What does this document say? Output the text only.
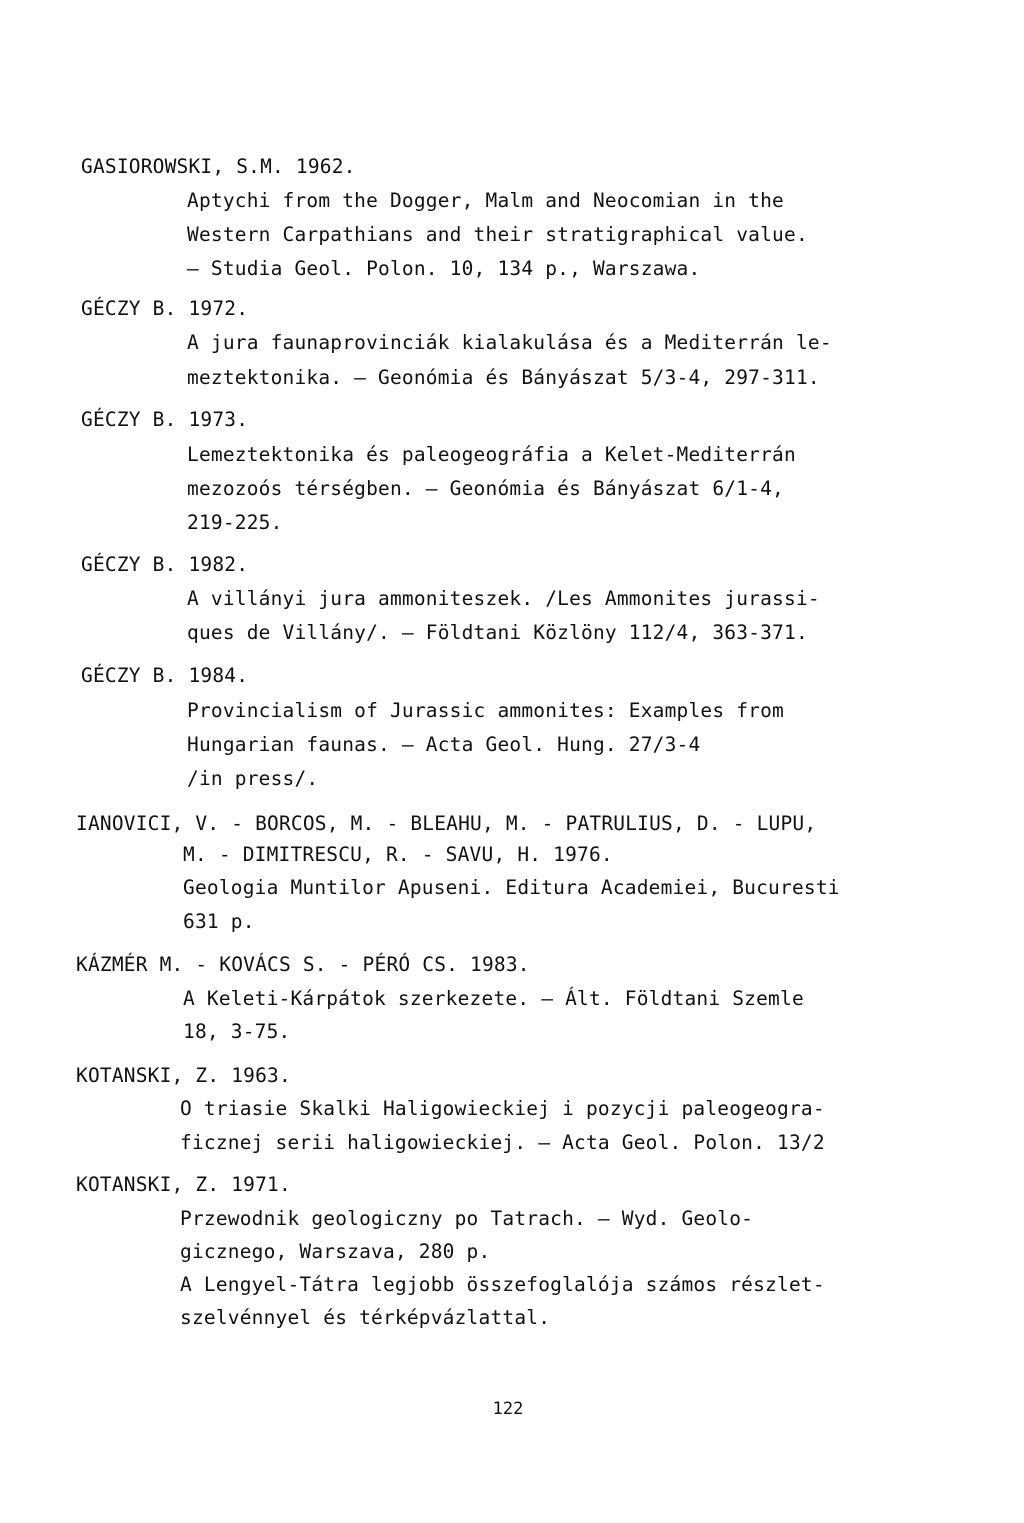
GASIOROWSKI, S.M. 1962.
Aptychi from the Dogger, Malm and Neocomian in the
Western Carpathians and their stratigraphical value.
— Studia Geol. Polon. 10, 134 p., Warszawa.
GÉCZY B. 1972.
A jura faunaprovinciák kialakulása és a Mediterrán le-
meztektonika. — Geonómia és Bányászat 5/3-4, 297-311.
GÉCZY B. 1973.
Lemeztektonika és paleogeográfia a Kelet-Mediterrán
mezozoós térségben. — Geonómia és Bányászat 6/1-4,
219-225.
GÉCZY B. 1982.
A villányi jura ammoniteszek. /Les Ammonites jurassi-
ques de Villány/. — Földtani Közlöny 112/4, 363-371.
GÉCZY B. 1984.
Provincialism of Jurassic ammonites: Examples from
Hungarian faunas. — Acta Geol. Hung. 27/3-4
/in press/.
IANOVICI, V. - BORCOS, M. - BLEAHU, M. - PATRULIUS, D. - LUPU,
M. - DIMITRESCU, R. - SAVU, H. 1976.
Geologia Muntilor Apuseni. Editura Academiei, Bucuresti
631 p.
KÁZMÉR M. - KOVÁCS S. - PÉRÓ CS. 1983.
A Keleti-Kárpátok szerkezete. — Ált. Földtani Szemle
18, 3-75.
KOTANSKI, Z. 1963.
O triasie Skalki Haligowieckiej i pozycji paleogeogra-
ficznej serii haligowieckiej. — Acta Geol. Polon. 13/2
KOTANSKI, Z. 1971.
Przewodnik geologiczny po Tatrach. — Wyd. Geolo-
gicznego, Warszava, 280 p.
A Lengyel-Tátra legjobb összefoglalója számos részlet-
szelvénnyel és térképvázlattal.
122
